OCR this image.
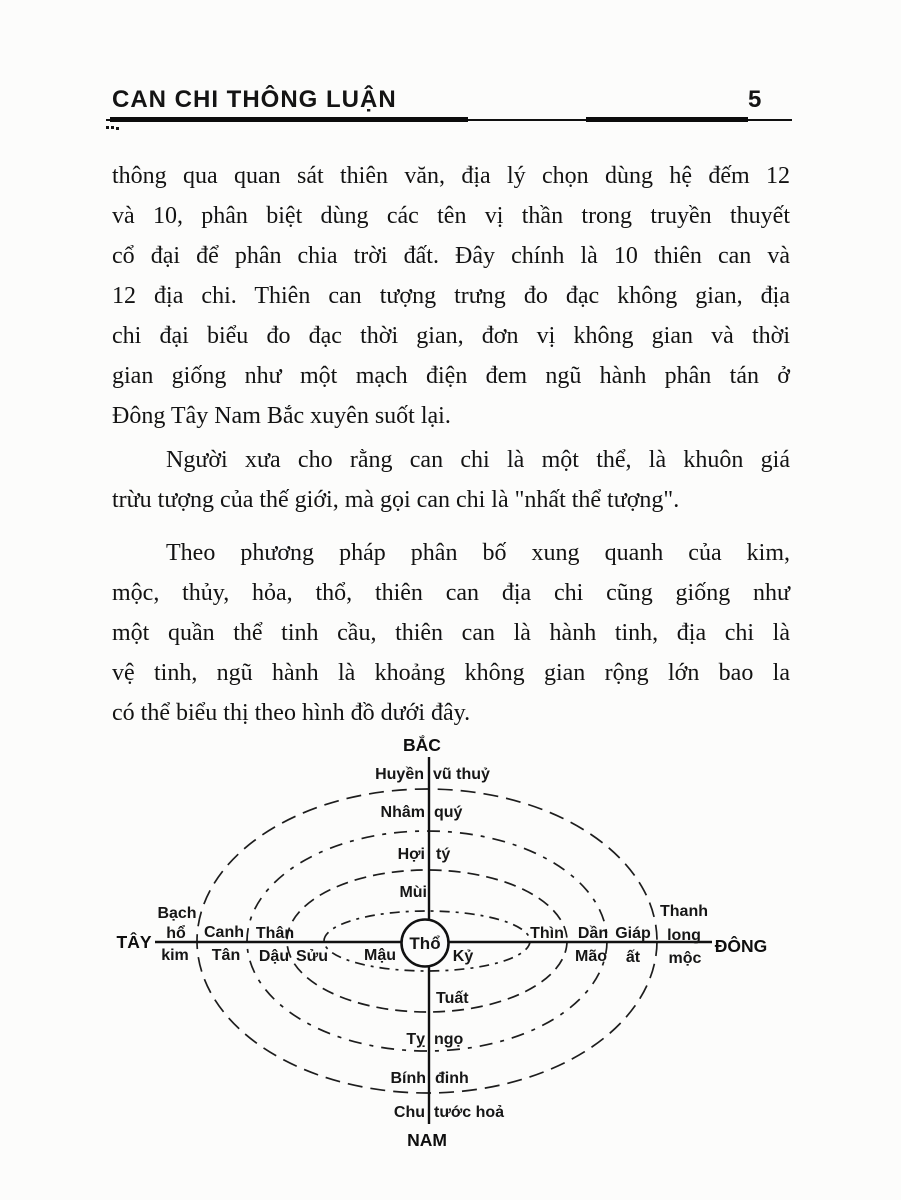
CAN CHI THÔNG LUẬN	5
thông qua quan sát thiên văn, địa lý chọn dùng hệ đếm 12
và 10, phân biệt dùng các tên vị thần trong truyền thuyết
cổ đại để phân chia trời đất. Đây chính là 10 thiên can và
12 địa chi. Thiên can tượng trưng đo đạc không gian, địa
chi đại biểu đo đạc thời gian, đơn vị không gian và thời
gian giống như một mạch điện đem ngũ hành phân tán ở
Đông Tây Nam Bắc xuyên suốt lại.
Người xưa cho rằng can chi là một thể, là khuôn giá
trừu tượng của thế giới, mà gọi can chi là "nhất thể tượng".
Theo phương pháp phân bố xung quanh của kim,
mộc, thủy, hỏa, thổ, thiên can địa chi cũng giống như
một quần thể tinh cầu, thiên can là hành tinh, địa chi là
vệ tinh, ngũ hành là khoảng không gian rộng lớn bao la
có thể biểu thị theo hình đồ dưới đây.
Thổ
BẮC
NAM
TÂY	ĐÔNG
Huyền vũ thuỷ
Nhâm quý
Hợi tý
Mùi
Tuất
Tỵ ngọ
Bính đinh
Chu tước hoả
Bạch
hổ
kim
Canh
Tân
Thân
Dậu Sửu Mậu	Kỷ
Thìn Dần
Mão
Giáp
ất
Thanh
long
mộc
